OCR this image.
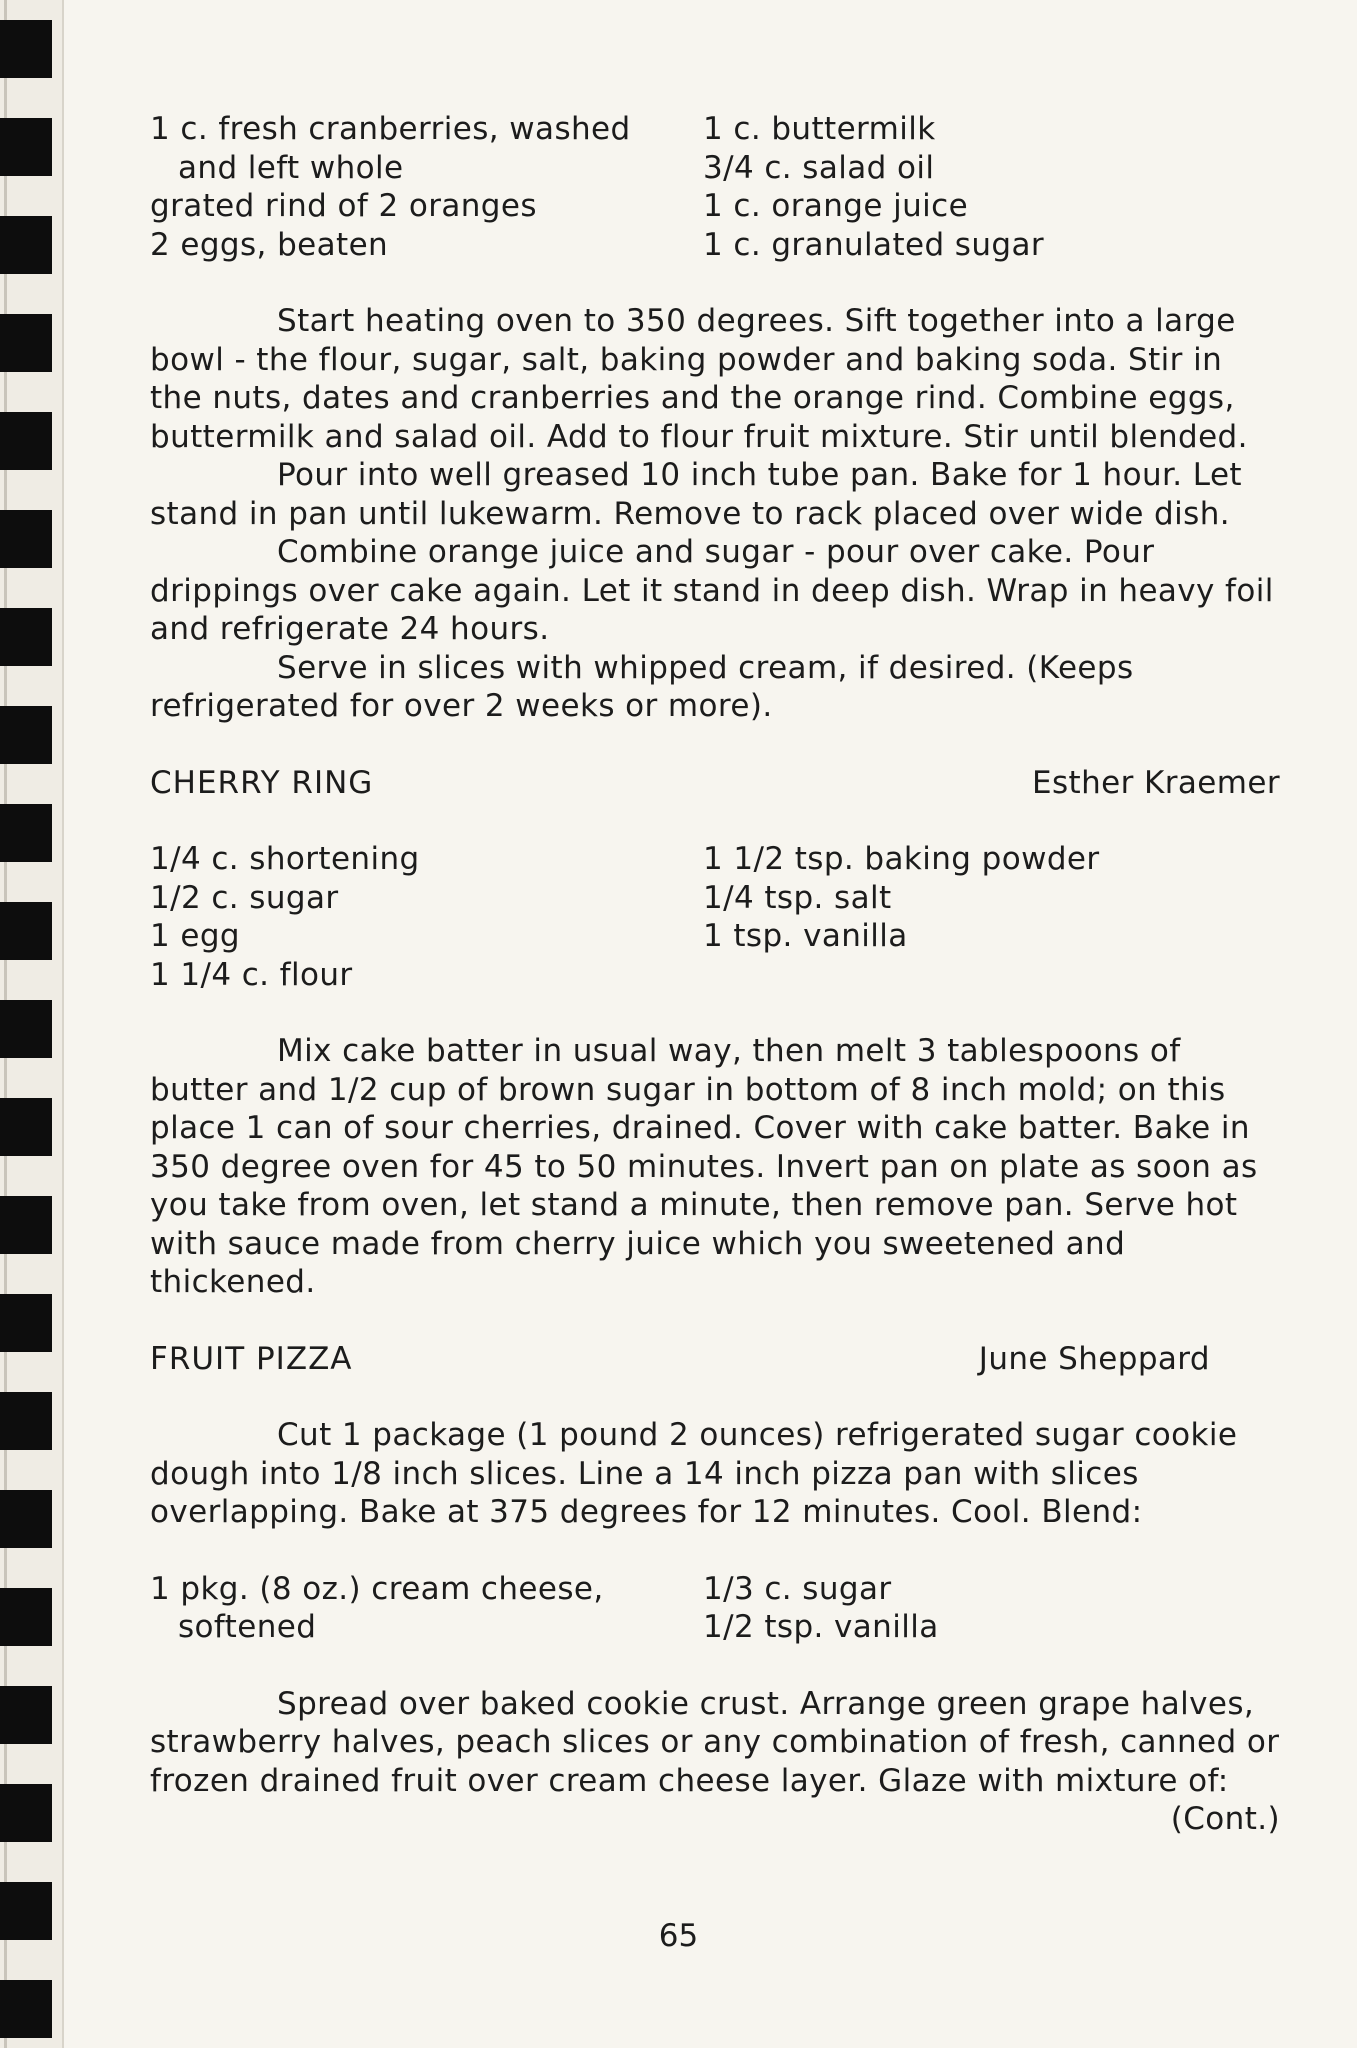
1 c. fresh cranberries, washed
and left whole
grated rind of 2 oranges
2 eggs, beaten
1 c. buttermilk
3/4 c. salad oil
1 c. orange juice
1 c. granulated sugar

Start heating oven to 350 degrees. Sift together into a large bowl - the flour, sugar, salt, baking powder and baking soda. Stir in the nuts, dates and cranberries and the orange rind. Combine eggs, buttermilk and salad oil. Add to flour fruit mixture. Stir until blended.

Pour into well greased 10 inch tube pan. Bake for 1 hour. Let stand in pan until lukewarm. Remove to rack placed over wide dish.

Combine orange juice and sugar - pour over cake. Pour drippings over cake again. Let it stand in deep dish. Wrap in heavy foil and refrigerate 24 hours.

Serve in slices with whipped cream, if desired. (Keeps refrigerated for over 2 weeks or more).

CHERRY RING	Esther Kraemer
1/4 c. shortening
1/2 c. sugar
1 egg
1 1/4 c. flour
1 1/2 tsp. baking powder
1/4 tsp. salt
1 tsp. vanilla

Mix cake batter in usual way, then melt 3 tablespoons of butter and 1/2 cup of brown sugar in bottom of 8 inch mold; on this place 1 can of sour cherries, drained. Cover with cake batter. Bake in 350 degree oven for 45 to 50 minutes. Invert pan on plate as soon as you take from oven, let stand a minute, then remove pan. Serve hot with sauce made from cherry juice which you sweetened and thickened.

FRUIT PIZZA	June Sheppard

Cut 1 package (1 pound 2 ounces) refrigerated sugar cookie dough into 1/8 inch slices. Line a 14 inch pizza pan with slices overlapping. Bake at 375 degrees for 12 minutes. Cool. Blend:

1 pkg. (8 oz.) cream cheese,
softened
1/3 c. sugar
1/2 tsp. vanilla

Spread over baked cookie crust. Arrange green grape halves, strawberry halves, peach slices or any combination of fresh, canned or frozen drained fruit over cream cheese layer. Glaze with mixture of:

(Cont.)
65
